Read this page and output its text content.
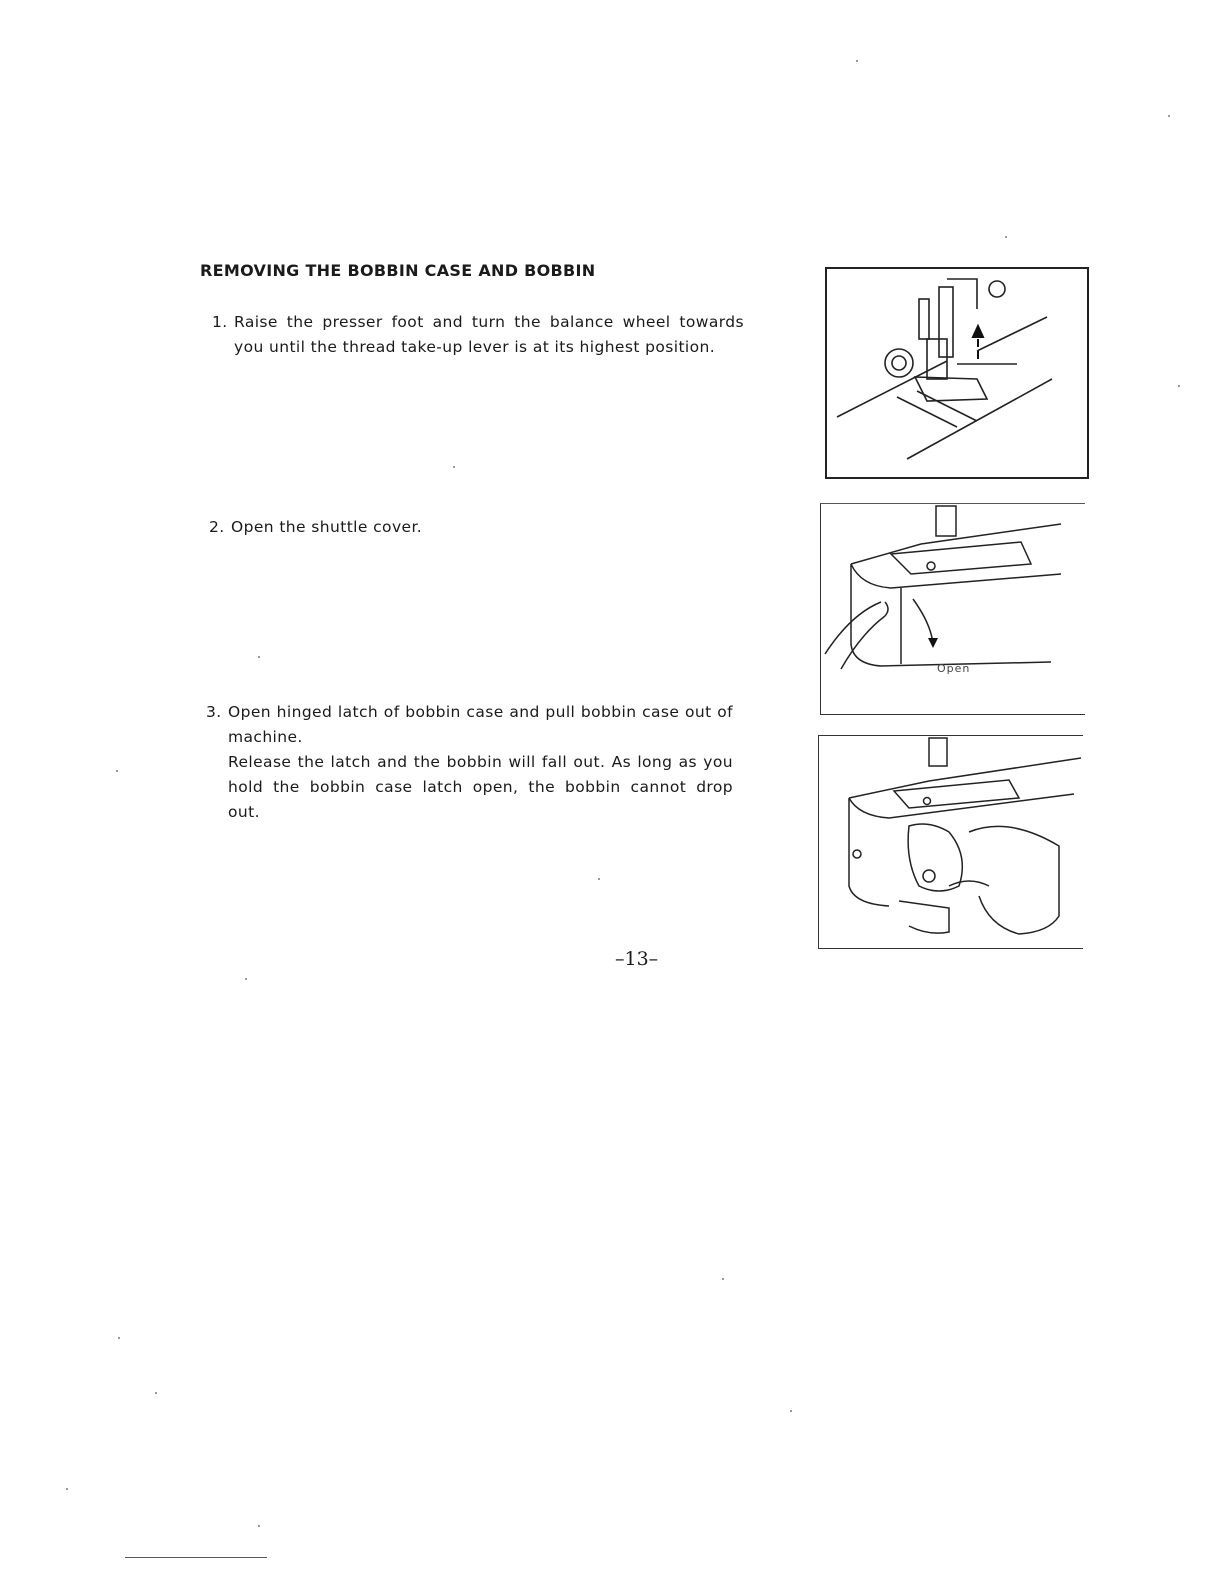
REMOVING THE BOBBIN CASE AND BOBBIN
1. Raise the presser foot and turn the balance wheel towards you until the thread take-up lever is at its highest position.
2. Open the shuttle cover.
3. Open hinged latch of bobbin case and pull bobbin case out of
machine.
Release the latch and the bobbin will fall out. As long as you
hold the bobbin case latch open, the bobbin cannot drop
out.
Open
–13–
